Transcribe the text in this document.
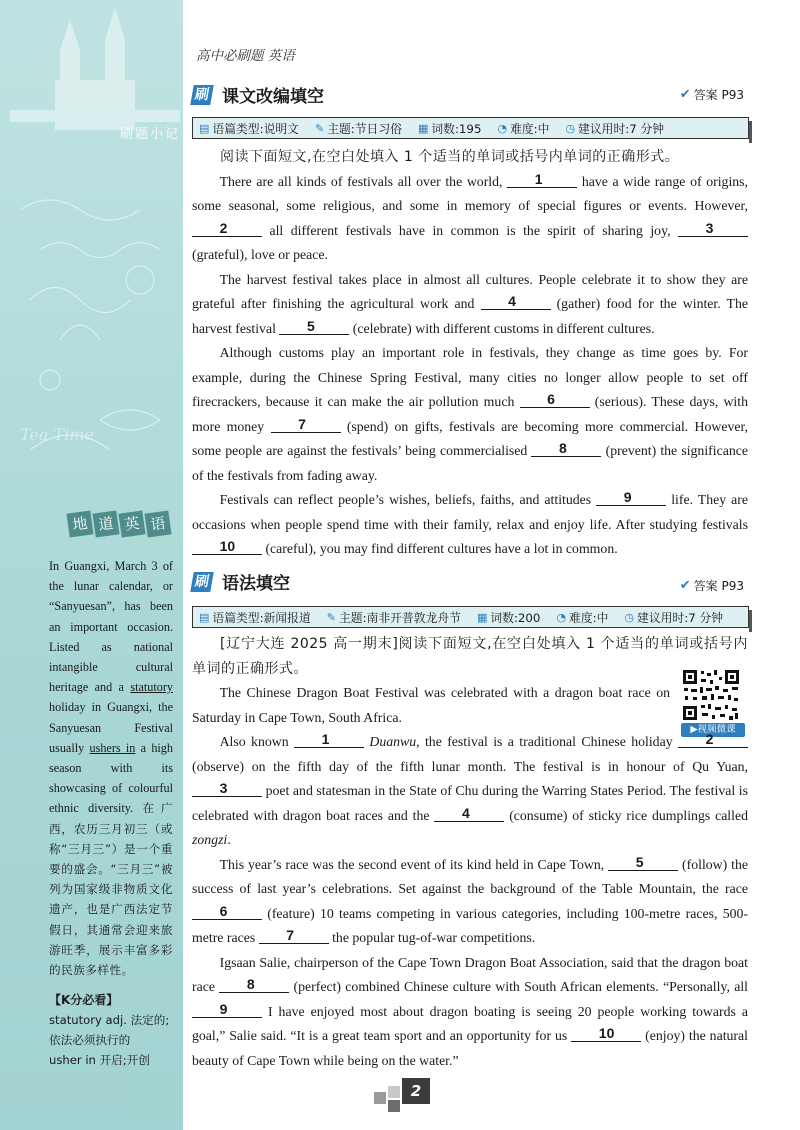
Tea Time
刷题小记
地 道 英 语
In Guangxi, March 3 of the lunar calendar, or “Sanyuesan”, has been an important occasion. Listed as national intangible cultural heritage and a statutory holiday in Guangxi, the Sanyuesan Festival usually ushers in a high season with its showcasing of colourful ethnic diversity. 在广西，农历三月初三（或称“三月三”）是一个重要的盛会。“三月三”被列为国家级非物质文化遗产，也是广西法定节假日，其通常会迎来旅游旺季，展示丰富多彩的民族多样性。
【K分必看】
statutory adj. 法定的;依法必须执行的
usher in 开启;开创
高中必刷题 英语
刷 课文改编填空	✔ 答案 P93
▤ 语篇类型:说明文 ✎ 主题:节日习俗 ▦ 词数:195 ◔ 难度:中 ◷ 建议用时:7 分钟

阅读下面短文,在空白处填入 1 个适当的单词或括号内单词的正确形式。

There are all kinds of festivals all over the world,	1	have a wide range of origins, some seasonal, some religious, and some in memory of special figures or events. However,
2	all different festivals have in common is the spirit of sharing joy,	3
(grateful), love or peace.

The harvest festival takes place in almost all cultures. People celebrate it to show they are grateful after finishing the agricultural work and	4	(gather) food for the winter. The harvest festival	5	(celebrate) with different customs in different cultures.

Although customs play an important role in festivals, they change as time goes by. For example, during the Chinese Spring Festival, many cities no longer allow people to set off firecrackers, because it can make the air pollution much	6	(serious). These days, with more money	7	(spend) on gifts, festivals are becoming more commercial. However, some people are against the festivals’ being commercialised	8	(prevent) the significance of the festivals from fading away.

Festivals can reflect people’s wishes, beliefs, faiths, and attitudes	9	life. They are occasions when people spend time with their family, relax and enjoy life. After studying festivals
10 (careful), you may find different cultures have a lot in common.

刷 语法填空	✔ 答案 P93
▤ 语篇类型:新闻报道 ✎ 主题:南非开普敦龙舟节 ▦ 词数:200 ◔ 难度:中 ◷ 建议用时:7 分钟
▶视频微课

[辽宁大连 2025 高一期末]阅读下面短文,在空白处填入 1 个适当的单词或括号内单词的正确形式。

The Chinese Dragon Boat Festival was celebrated with a dragon boat race on Saturday in Cape Town, South Africa.

Also known	1	Duanwu, the festival is a traditional Chinese holiday	2
(observe) on the fifth day of the fifth lunar month. The festival is in honour of Qu Yuan,
3	poet and statesman in the State of Chu during the Warring States Period. The festival is celebrated with dragon boat races and the	4	(consume) of sticky rice dumplings called zongzi.

This year’s race was the second event of its kind held in Cape Town,	5	(follow) the success of last year’s celebrations. Set against the background of the Table Mountain, the race
6	(feature) 10 teams competing in various categories, including 100-metre races, 500-metre races	7	the popular tug-of-war competitions.

Igsaan Salie, chairperson of the Cape Town Dragon Boat Association, said that the dragon boat race	8	(perfect) combined Chinese culture with South African elements. “Personally, all
9	I have enjoyed most about dragon boating is seeing 20 people working towards a goal,” Salie said. “It is a great team sport and an opportunity for us	10 (enjoy) the natural beauty of Cape Town while being on the water.”

2
